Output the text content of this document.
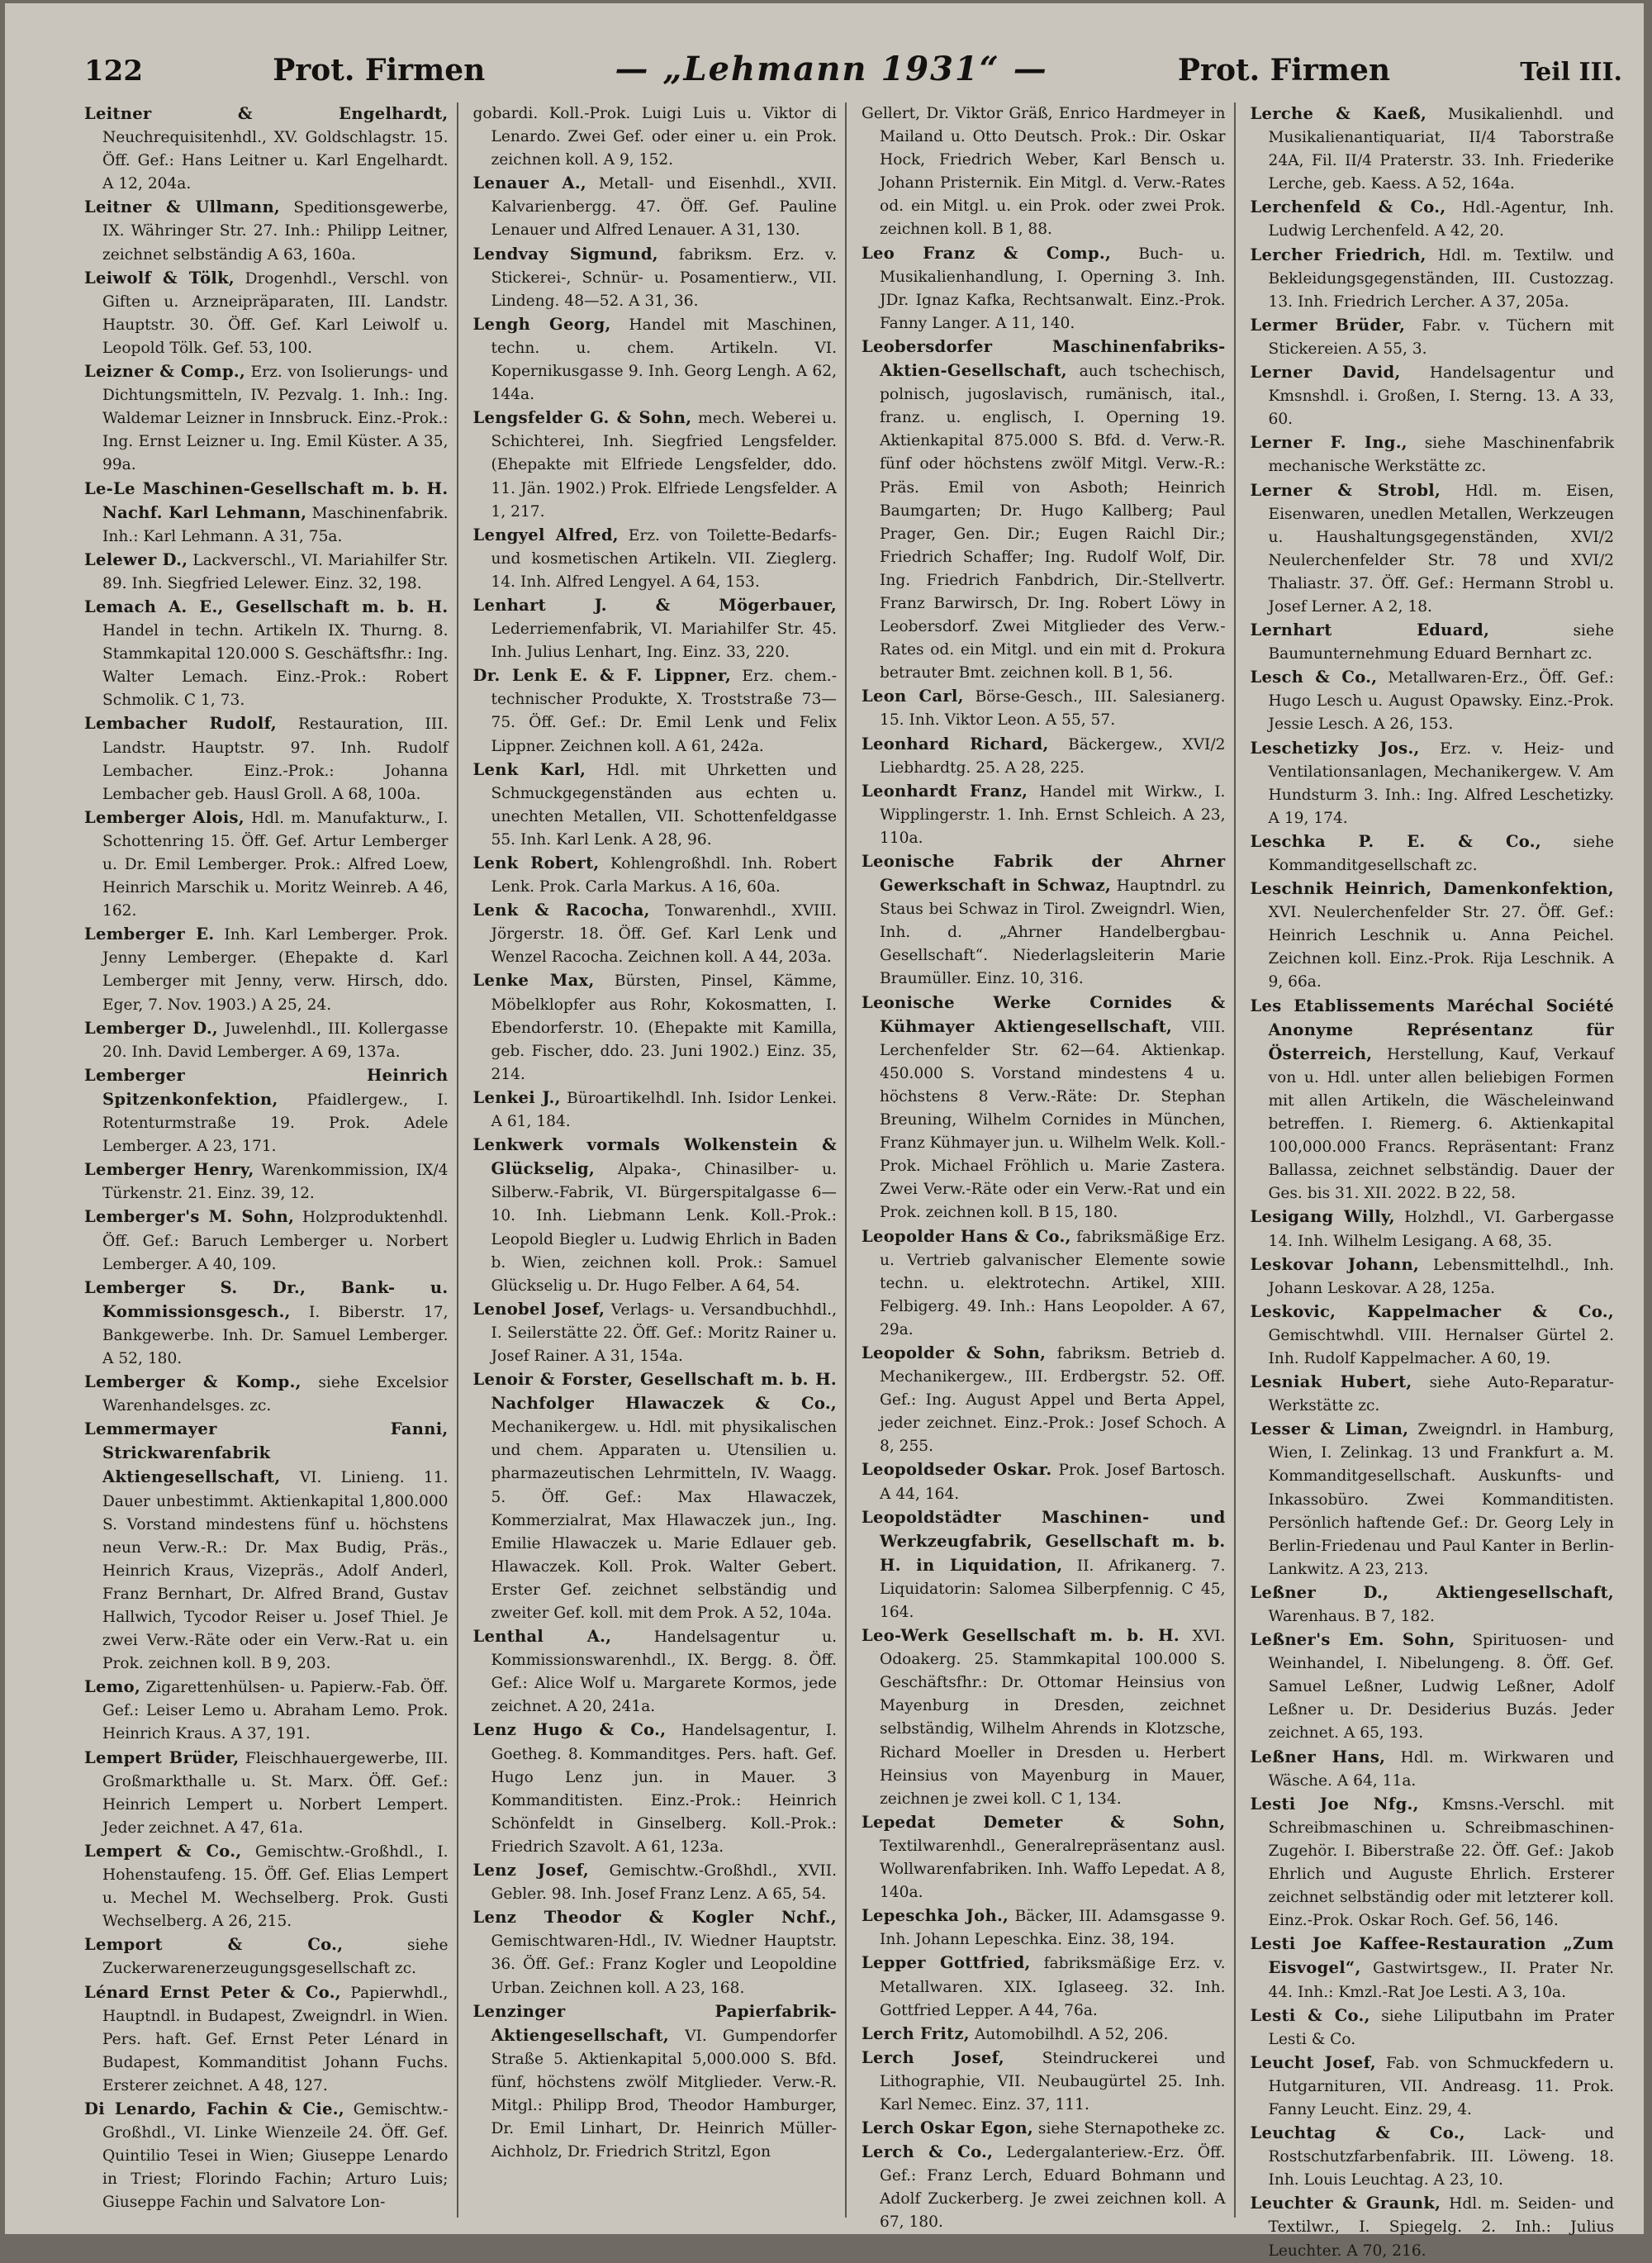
122	Prot. Firmen	— „Lehmann 1931“ —	Prot. Firmen	Teil III.

Leitner & Engelhardt, Neuchrequisitenhdl., XV. Goldschlagstr. 15. Öff. Gef.: Hans Leitner u. Karl Engelhardt. A 12, 204a.

Leitner & Ullmann, Speditionsgewerbe, IX. Währinger Str. 27. Inh.: Philipp Leitner, zeichnet selbständig A 63, 160a.

Leiwolf & Tölk, Drogenhdl., Verschl. von Giften u. Arzneipräparaten, III. Landstr. Hauptstr. 30. Öff. Gef. Karl Leiwolf u. Leopold Tölk. Gef. 53, 100.

Leizner & Comp., Erz. von Isolierungs- und Dichtungsmitteln, IV. Pezvalg. 1. Inh.: Ing. Waldemar Leizner in Innsbruck. Einz.-Prok.: Ing. Ernst Leizner u. Ing. Emil Küster. A 35, 99a.

Le-Le Maschinen-Gesellschaft m. b. H. Nachf. Karl Lehmann, Maschinenfabrik. Inh.: Karl Lehmann. A 31, 75a.

Lelewer D., Lackverschl., VI. Mariahilfer Str. 89. Inh. Siegfried Lelewer. Einz. 32, 198.

Lemach A. E., Gesellschaft m. b. H. Handel in techn. Artikeln IX. Thurng. 8. Stammkapital 120.000 S. Geschäftsfhr.: Ing. Walter Lemach. Einz.-Prok.: Robert Schmolik. C 1, 73.

Lembacher Rudolf, Restauration, III. Landstr. Hauptstr. 97. Inh. Rudolf Lembacher. Einz.-Prok.: Johanna Lembacher geb. Hausl Groll. A 68, 100a.

Lemberger Alois, Hdl. m. Manufakturw., I. Schottenring 15. Öff. Gef. Artur Lemberger u. Dr. Emil Lemberger. Prok.: Alfred Loew, Heinrich Marschik u. Moritz Weinreb. A 46, 162.

Lemberger E. Inh. Karl Lemberger. Prok. Jenny Lemberger. (Ehepakte d. Karl Lemberger mit Jenny, verw. Hirsch, ddo. Eger, 7. Nov. 1903.) A 25, 24.

Lemberger D., Juwelenhdl., III. Kollergasse 20. Inh. David Lemberger. A 69, 137a.

Lemberger Heinrich Spitzenkonfektion, Pfaidlergew., I. Rotenturmstraße 19. Prok. Adele Lemberger. A 23, 171.

Lemberger Henry, Warenkommission, IX/4 Türkenstr. 21. Einz. 39, 12.

Lemberger's M. Sohn, Holzproduktenhdl. Öff. Gef.: Baruch Lemberger u. Norbert Lemberger. A 40, 109.

Lemberger S. Dr., Bank- u. Kommissionsgesch., I. Biberstr. 17, Bankgewerbe. Inh. Dr. Samuel Lemberger. A 52, 180.

Lemberger & Komp., siehe Excelsior Warenhandelsges. zc.

Lemmermayer Fanni, Strickwarenfabrik Aktiengesellschaft, VI. Linieng. 11. Dauer unbestimmt. Aktienkapital 1,800.000 S. Vorstand mindestens fünf u. höchstens neun Verw.-R.: Dr. Max Budig, Präs., Heinrich Kraus, Vizepräs., Adolf Anderl, Franz Bernhart, Dr. Alfred Brand, Gustav Hallwich, Tycodor Reiser u. Josef Thiel. Je zwei Verw.-Räte oder ein Verw.-Rat u. ein Prok. zeichnen koll. B 9, 203.

Lemo, Zigarettenhülsen- u. Papierw.-Fab. Öff. Gef.: Leiser Lemo u. Abraham Lemo. Prok. Heinrich Kraus. A 37, 191.

Lempert Brüder, Fleischhauergewerbe, III. Großmarkthalle u. St. Marx. Öff. Gef.: Heinrich Lempert u. Norbert Lempert. Jeder zeichnet. A 47, 61a.

Lempert & Co., Gemischtw.-Großhdl., I. Hohenstaufeng. 15. Öff. Gef. Elias Lempert u. Mechel M. Wechselberg. Prok. Gusti Wechselberg. A 26, 215.

Lemport & Co.,	siehe Zuckerwarenerzeugungsgesellschaft zc.

Lénard Ernst Peter & Co., Papierwhdl., Hauptndl. in Budapest, Zweigndrl. in Wien. Pers. haft. Gef. Ernst Peter Lénard in Budapest, Kommanditist Johann Fuchs. Ersterer zeichnet. A 48, 127.

Di Lenardo, Fachin & Cie., Gemischtw.-Großhdl., VI. Linke Wienzeile 24. Öff. Gef. Quintilio Tesei in Wien; Giuseppe Lenardo in Triest; Florindo Fachin; Arturo Luis; Giuseppe Fachin und Salvatore Lon-

gobardi. Koll.-Prok. Luigi Luis u. Viktor di Lenardo. Zwei Gef. oder einer u. ein Prok. zeichnen koll. A 9, 152.

Lenauer A., Metall- und Eisenhdl., XVII. Kalvarienbergg. 47. Öff. Gef. Pauline Lenauer und Alfred Lenauer. A 31, 130.

Lendvay Sigmund, fabriksm. Erz. v. Stickerei-, Schnür- u. Posamentierw., VII. Lindeng. 48—52. A 31, 36.

Lengh Georg, Handel mit Maschinen, techn. u. chem. Artikeln. VI. Kopernikusgasse 9. Inh. Georg Lengh. A 62, 144a.

Lengsfelder G. & Sohn, mech. Weberei u. Schichterei, Inh. Siegfried Lengsfelder. (Ehepakte mit Elfriede Lengsfelder, ddo. 11. Jän. 1902.) Prok. Elfriede Lengsfelder. A 1, 217.

Lengyel Alfred, Erz. von Toilette-Bedarfs- und kosmetischen Artikeln. VII. Zieglerg. 14. Inh. Alfred Lengyel. A 64, 153.

Lenhart J. & Mögerbauer, Lederriemenfabrik, VI. Mariahilfer Str. 45. Inh. Julius Lenhart, Ing. Einz. 33, 220.

Dr. Lenk E. & F. Lippner, Erz. chem.-technischer Produkte, X. Troststraße 73—75. Öff. Gef.: Dr. Emil Lenk und Felix Lippner. Zeichnen koll. A 61, 242a.

Lenk Karl, Hdl. mit Uhrketten und Schmuckgegenständen aus echten u. unechten Metallen, VII. Schottenfeldgasse 55. Inh. Karl Lenk. A 28, 96.

Lenk Robert, Kohlengroßhdl. Inh. Robert Lenk. Prok. Carla Markus. A 16, 60a.

Lenk & Racocha, Tonwarenhdl., XVIII. Jörgerstr. 18. Öff. Gef. Karl Lenk und Wenzel Racocha. Zeichnen koll. A 44, 203a.

Lenke Max, Bürsten, Pinsel, Kämme, Möbelklopfer aus Rohr, Kokosmatten, I. Ebendorferstr. 10. (Ehepakte mit Kamilla, geb. Fischer, ddo. 23. Juni 1902.) Einz. 35, 214.

Lenkei J., Büroartikelhdl. Inh. Isidor Lenkei. A 61, 184.

Lenkwerk vormals Wolkenstein & Glückselig, Alpaka-, Chinasilber- u. Silberw.-Fabrik, VI. Bürgerspitalgasse 6—10. Inh. Liebmann Lenk. Koll.-Prok.: Leopold Biegler u. Ludwig Ehrlich in Baden b. Wien, zeichnen koll. Prok.: Samuel Glückselig u. Dr. Hugo Felber. A 64, 54.

Lenobel Josef, Verlags- u. Versandbuchhdl., I. Seilerstätte 22. Öff. Gef.: Moritz Rainer u. Josef Rainer. A 31, 154a.

Lenoir & Forster, Gesellschaft m. b. H. Nachfolger Hlawaczek & Co., Mechanikergew. u. Hdl. mit physikalischen und chem. Apparaten u. Utensilien u. pharmazeutischen Lehrmitteln, IV. Waagg. 5. Öff. Gef.: Max Hlawaczek, Kommerzialrat, Max Hlawaczek jun., Ing. Emilie Hlawaczek u. Marie Edlauer geb. Hlawaczek. Koll. Prok. Walter Gebert. Erster Gef. zeichnet selbständig und zweiter Gef. koll. mit dem Prok. A 52, 104a.

Lenthal A.,	Handelsagentur u. Kommissionswarenhdl., IX. Bergg. 8. Öff. Gef.: Alice Wolf u. Margarete Kormos, jede zeichnet. A 20, 241a.

Lenz Hugo & Co., Handelsagentur, I. Goetheg. 8. Kommanditges. Pers. haft. Gef. Hugo Lenz jun. in Mauer. 3 Kommanditisten. Einz.-Prok.: Heinrich Schönfeldt in Ginselberg. Koll.-Prok.: Friedrich Szavolt. A 61, 123a.

Lenz Josef, Gemischtw.-Großhdl., XVII. Gebler. 98. Inh. Josef Franz Lenz. A 65, 54.

Lenz Theodor & Kogler Nchf., Gemischtwaren-Hdl., IV. Wiedner Hauptstr. 36. Öff. Gef.: Franz Kogler und Leopoldine Urban. Zeichnen koll. A 23, 168.

Lenzinger Papierfabrik-Aktiengesellschaft, VI. Gumpendorfer Straße 5. Aktienkapital 5,000.000 S. Bfd. fünf, höchstens zwölf Mitglieder. Verw.-R. Mitgl.: Philipp Brod, Theodor Hamburger, Dr. Emil Linhart, Dr. Heinrich Müller-Aichholz, Dr. Friedrich Stritzl, Egon

Gellert, Dr. Viktor Gräß, Enrico Hardmeyer in Mailand u. Otto Deutsch. Prok.: Dir. Oskar Hock, Friedrich Weber, Karl Bensch u. Johann Pristernik. Ein Mitgl. d. Verw.-Rates od. ein Mitgl. u. ein Prok. oder zwei Prok. zeichnen koll. B 1, 88.

Leo Franz & Comp., Buch- u. Musikalienhandlung, I. Operning 3. Inh. JDr. Ignaz Kafka, Rechtsanwalt. Einz.-Prok. Fanny Langer. A 11, 140.

Leobersdorfer Maschinenfabriks-Aktien-Gesellschaft, auch tschechisch, polnisch, jugoslavisch, rumänisch, ital., franz. u. englisch, I. Operning 19. Aktienkapital 875.000 S. Bfd. d. Verw.-R. fünf oder höchstens zwölf Mitgl. Verw.-R.: Präs. Emil von Asboth; Heinrich Baumgarten; Dr. Hugo Kallberg; Paul Prager, Gen. Dir.; Eugen Raichl Dir.; Friedrich Schaffer; Ing. Rudolf Wolf, Dir. Ing. Friedrich Fanbdrich, Dir.-Stellvertr. Franz Barwirsch, Dr. Ing. Robert Löwy in Leobersdorf. Zwei Mitglieder des Verw.-Rates od. ein Mitgl. und ein mit d. Prokura betrauter Bmt. zeichnen koll. B 1, 56.

Leon Carl, Börse-Gesch., III. Salesianerg. 15. Inh. Viktor Leon. A 55, 57.

Leonhard Richard, Bäckergew., XVI/2 Liebhardtg. 25. A 28, 225.

Leonhardt Franz, Handel mit Wirkw., I. Wipplingerstr. 1. Inh. Ernst Schleich. A 23, 110a.

Leonische Fabrik der Ahrner Gewerkschaft in Schwaz, Hauptndrl. zu Staus bei Schwaz in Tirol. Zweigndrl. Wien, Inh. d. „Ahrner Handelbergbau-Gesellschaft“. Niederlagsleiterin Marie Braumüller. Einz. 10, 316.

Leonische Werke Cornides & Kühmayer Aktiengesellschaft, VIII. Lerchenfelder Str. 62—64. Aktienkap. 450.000 S. Vorstand mindestens 4 u. höchstens 8 Verw.-Räte: Dr. Stephan Breuning, Wilhelm Cornides in München, Franz Kühmayer jun. u. Wilhelm Welk. Koll.-Prok. Michael Fröhlich u. Marie Zastera. Zwei Verw.-Räte oder ein Verw.-Rat und ein Prok. zeichnen koll. B 15, 180.

Leopolder Hans & Co., fabriksmäßige Erz. u. Vertrieb galvanischer Elemente sowie techn. u. elektrotechn. Artikel, XIII. Felbigerg. 49. Inh.: Hans Leopolder. A 67, 29a.

Leopolder & Sohn, fabriksm. Betrieb d. Mechanikergew., III. Erdbergstr. 52. Off. Gef.: Ing. August Appel und Berta Appel, jeder zeichnet. Einz.-Prok.: Josef Schoch. A 8, 255.

Leopoldseder Oskar. Prok. Josef Bartosch. A 44, 164.

Leopoldstädter Maschinen- und Werkzeugfabrik, Gesellschaft m. b. H. in Liquidation, II. Afrikanerg. 7. Liquidatorin: Salomea Silberpfennig. C 45, 164.

Leo-Werk Gesellschaft m. b. H. XVI. Odoakerg. 25. Stammkapital 100.000 S. Geschäftsfhr.: Dr. Ottomar Heinsius von Mayenburg in Dresden, zeichnet selbständig, Wilhelm Ahrends in Klotzsche, Richard Moeller in Dresden u. Herbert Heinsius von Mayenburg in Mauer, zeichnen je zwei koll. C 1, 134.

Lepedat Demeter & Sohn, Textilwarenhdl., Generalrepräsentanz ausl. Wollwarenfabriken. Inh. Waffo Lepedat. A 8, 140a.

Lepeschka Joh., Bäcker, III. Adamsgasse 9. Inh. Johann Lepeschka. Einz. 38, 194.

Lepper Gottfried, fabriksmäßige Erz. v. Metallwaren. XIX. Iglaseeg. 32. Inh. Gottfried Lepper. A 44, 76a.

Lerch Fritz, Automobilhdl. A 52, 206.

Lerch Josef, Steindruckerei und Lithographie, VII. Neubaugürtel 25. Inh. Karl Nemec. Einz. 37, 111.

Lerch Oskar Egon, siehe Sternapotheke zc.

Lerch & Co., Ledergalanteriew.-Erz. Öff. Gef.: Franz Lerch, Eduard Bohmann und Adolf Zuckerberg. Je zwei zeichnen koll. A 67, 180.

Lerche & Kaeß, Musikalienhdl. und Musikalienantiquariat, II/4 Taborstraße 24A, Fil. II/4 Praterstr. 33. Inh. Friederike Lerche, geb. Kaess. A 52, 164a.

Lerchenfeld & Co., Hdl.-Agentur, Inh. Ludwig Lerchenfeld. A 42, 20.

Lercher Friedrich, Hdl. m. Textilw. und Bekleidungsgegenständen, III. Custozzag. 13. Inh. Friedrich Lercher. A 37, 205a.

Lermer Brüder, Fabr. v. Tüchern mit Stickereien. A 55, 3.

Lerner David, Handelsagentur und Kmsnshdl. i. Großen, I. Sterng. 13. A 33, 60.

Lerner F. Ing., siehe Maschinenfabrik mechanische Werkstätte zc.

Lerner & Strobl, Hdl. m. Eisen, Eisenwaren, unedlen Metallen, Werkzeugen u. Haushaltungsgegenständen, XVI/2 Neulerchenfelder Str. 78 und XVI/2 Thaliastr. 37. Öff. Gef.: Hermann Strobl u. Josef Lerner. A 2, 18.

Lernhart Eduard,	siehe Baumunternehmung Eduard Bernhart zc.

Lesch & Co., Metallwaren-Erz., Öff. Gef.: Hugo Lesch u. August Opawsky. Einz.-Prok. Jessie Lesch. A 26, 153.

Leschetizky Jos., Erz. v. Heiz- und Ventilationsanlagen, Mechanikergew. V. Am Hundsturm 3. Inh.: Ing. Alfred Leschetizky. A 19, 174.

Leschka P. E. & Co., siehe Kommanditgesellschaft zc.

Leschnik Heinrich, Damenkonfektion, XVI. Neulerchenfelder Str. 27. Öff. Gef.: Heinrich Leschnik u. Anna Peichel. Zeichnen koll. Einz.-Prok. Rija Leschnik. A 9, 66a.

Les Etablissements Maréchal Société Anonyme Représentanz für Österreich, Herstellung, Kauf, Verkauf von u. Hdl. unter allen beliebigen Formen mit allen Artikeln, die Wäscheleinwand betreffen. I. Riemerg. 6. Aktienkapital 100,000.000 Francs. Repräsentant: Franz Ballassa, zeichnet selbständig. Dauer der Ges. bis 31. XII. 2022. B 22, 58.

Lesigang Willy, Holzhdl., VI. Garbergasse 14. Inh. Wilhelm Lesigang. A 68, 35.

Leskovar Johann, Lebensmittelhdl., Inh. Johann Leskovar. A 28, 125a.

Leskovic, Kappelmacher & Co., Gemischtwhdl. VIII. Hernalser Gürtel 2. Inh. Rudolf Kappelmacher. A 60, 19.

Lesniak Hubert, siehe Auto-Reparatur-Werkstätte zc.

Lesser & Liman, Zweigndrl. in Hamburg, Wien, I. Zelinkag. 13 und Frankfurt a. M. Kommanditgesellschaft. Auskunfts- und Inkassobüro. Zwei Kommanditisten. Persönlich haftende Gef.: Dr. Georg Lely in Berlin-Friedenau und Paul Kanter in Berlin-Lankwitz. A 23, 213.

Leßner D., Aktiengesellschaft, Warenhaus. B 7, 182.

Leßner's Em. Sohn, Spirituosen- und Weinhandel, I. Nibelungeng. 8. Öff. Gef. Samuel Leßner, Ludwig Leßner, Adolf Leßner u. Dr. Desiderius Buzás. Jeder zeichnet. A 65, 193.

Leßner Hans, Hdl. m. Wirkwaren und Wäsche. A 64, 11a.

Lesti Joe Nfg., Kmsns.-Verschl. mit Schreibmaschinen u. Schreibmaschinen-Zugehör. I. Biberstraße 22. Öff. Gef.: Jakob Ehrlich und Auguste Ehrlich. Ersterer zeichnet selbständig oder mit letzterer koll. Einz.-Prok. Oskar Roch. Gef. 56, 146.

Lesti Joe Kaffee-Restauration „Zum Eisvogel“, Gastwirtsgew., II. Prater Nr. 44. Inh.: Kmzl.-Rat Joe Lesti. A 3, 10a.

Lesti & Co., siehe Liliputbahn im Prater Lesti & Co.

Leucht Josef, Fab. von Schmuckfedern u. Hutgarnituren, VII. Andreasg. 11. Prok. Fanny Leucht. Einz. 29, 4.

Leuchtag & Co.,	Lack- und Rostschutzfarbenfabrik. III. Löweng. 18. Inh. Louis Leuchtag. A 23, 10.

Leuchter & Graunk, Hdl. m. Seiden- und Textilwr., I. Spiegelg. 2. Inh.: Julius Leuchter. A 70, 216.
